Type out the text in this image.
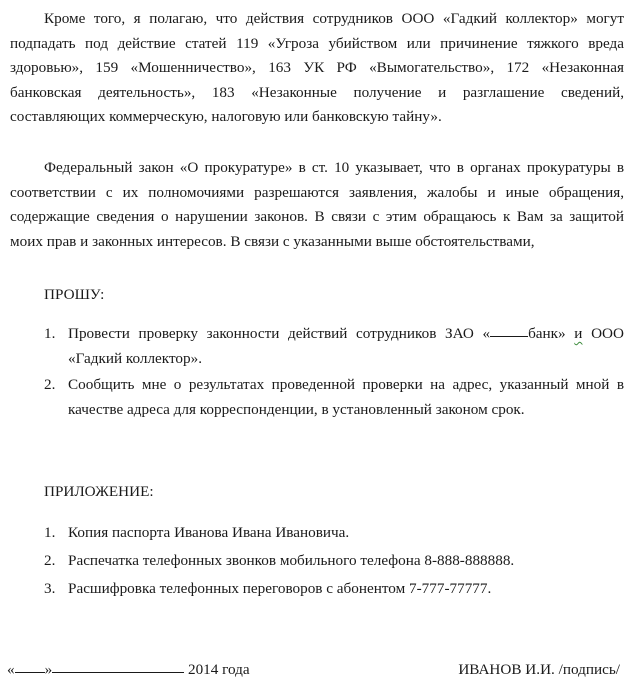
Кроме того, я полагаю, что действия сотрудников ООО «Гадкий коллектор» могут подпадать под действие статей 119 «Угроза убийством или причинение тяжкого вреда здоровью», 159 «Мошенничество», 163 УК РФ «Вымогательство», 172 «Незаконная банковская деятельность», 183 «Незаконные получение и разглашение сведений, составляющих коммерческую, налоговую или банковскую тайну».

Федеральный закон «О прокуратуре» в ст. 10 указывает, что в органах прокуратуры в соответствии с их полномочиями разрешаются заявления, жалобы и иные обращения, содержащие сведения о нарушении законов. В связи с этим обращаюсь к Вам за защитой моих прав и законных интересов. В связи с указанными выше обстоятельствами,

ПРОШУ:

1. Провести проверку законности действий сотрудников ЗАО «	банк» и ООО «Гадкий коллектор».
2. Сообщить мне о результатах проведенной проверки на адрес, указанный мной в качестве адреса для корреспонденции, в установленный законом срок.

ПРИЛОЖЕНИЕ:

1. Копия паспорта Иванова Ивана Ивановича.
2. Распечатка телефонных звонков мобильного телефона 8-888-888888.
3. Расшифровка телефонных переговоров с абонентом 7-777-77777.
« »	2014 года	ИВАНОВ И.И. /подпись/
